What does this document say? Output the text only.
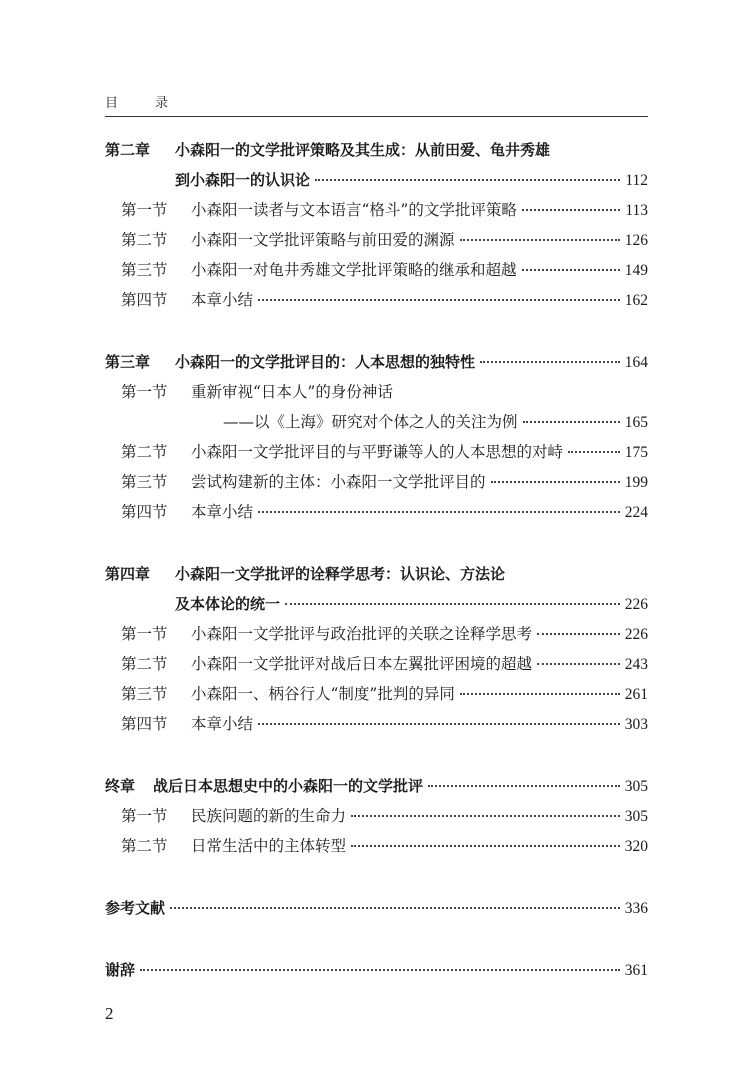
目　录
第二章	小森阳一的文学批评策略及其生成：从前田爱、龟井秀雄
到小森阳一的认识论	112
第一节	小森阳一读者与文本语言“格斗”的文学批评策略	113
第二节	小森阳一文学批评策略与前田爱的渊源	126
第三节	小森阳一对龟井秀雄文学批评策略的继承和超越	149
第四节	本章小结	162
第三章	小森阳一的文学批评目的：人本思想的独特性	164
第一节	重新审视“日本人”的身份神话
——以《上海》研究对个体之人的关注为例	165
第二节	小森阳一文学批评目的与平野谦等人的人本思想的对峙	175
第三节	尝试构建新的主体：小森阳一文学批评目的	199
第四节	本章小结	224
第四章	小森阳一文学批评的诠释学思考：认识论、方法论
及本体论的统一	226
第一节	小森阳一文学批评与政治批评的关联之诠释学思考	226
第二节	小森阳一文学批评对战后日本左翼批评困境的超越	243
第三节	小森阳一、柄谷行人“制度”批判的异同	261
第四节	本章小结	303
终章	战后日本思想史中的小森阳一的文学批评	305
第一节	民族问题的新的生命力	305
第二节	日常生活中的主体转型	320
参考文献	336
谢辞	361
2
